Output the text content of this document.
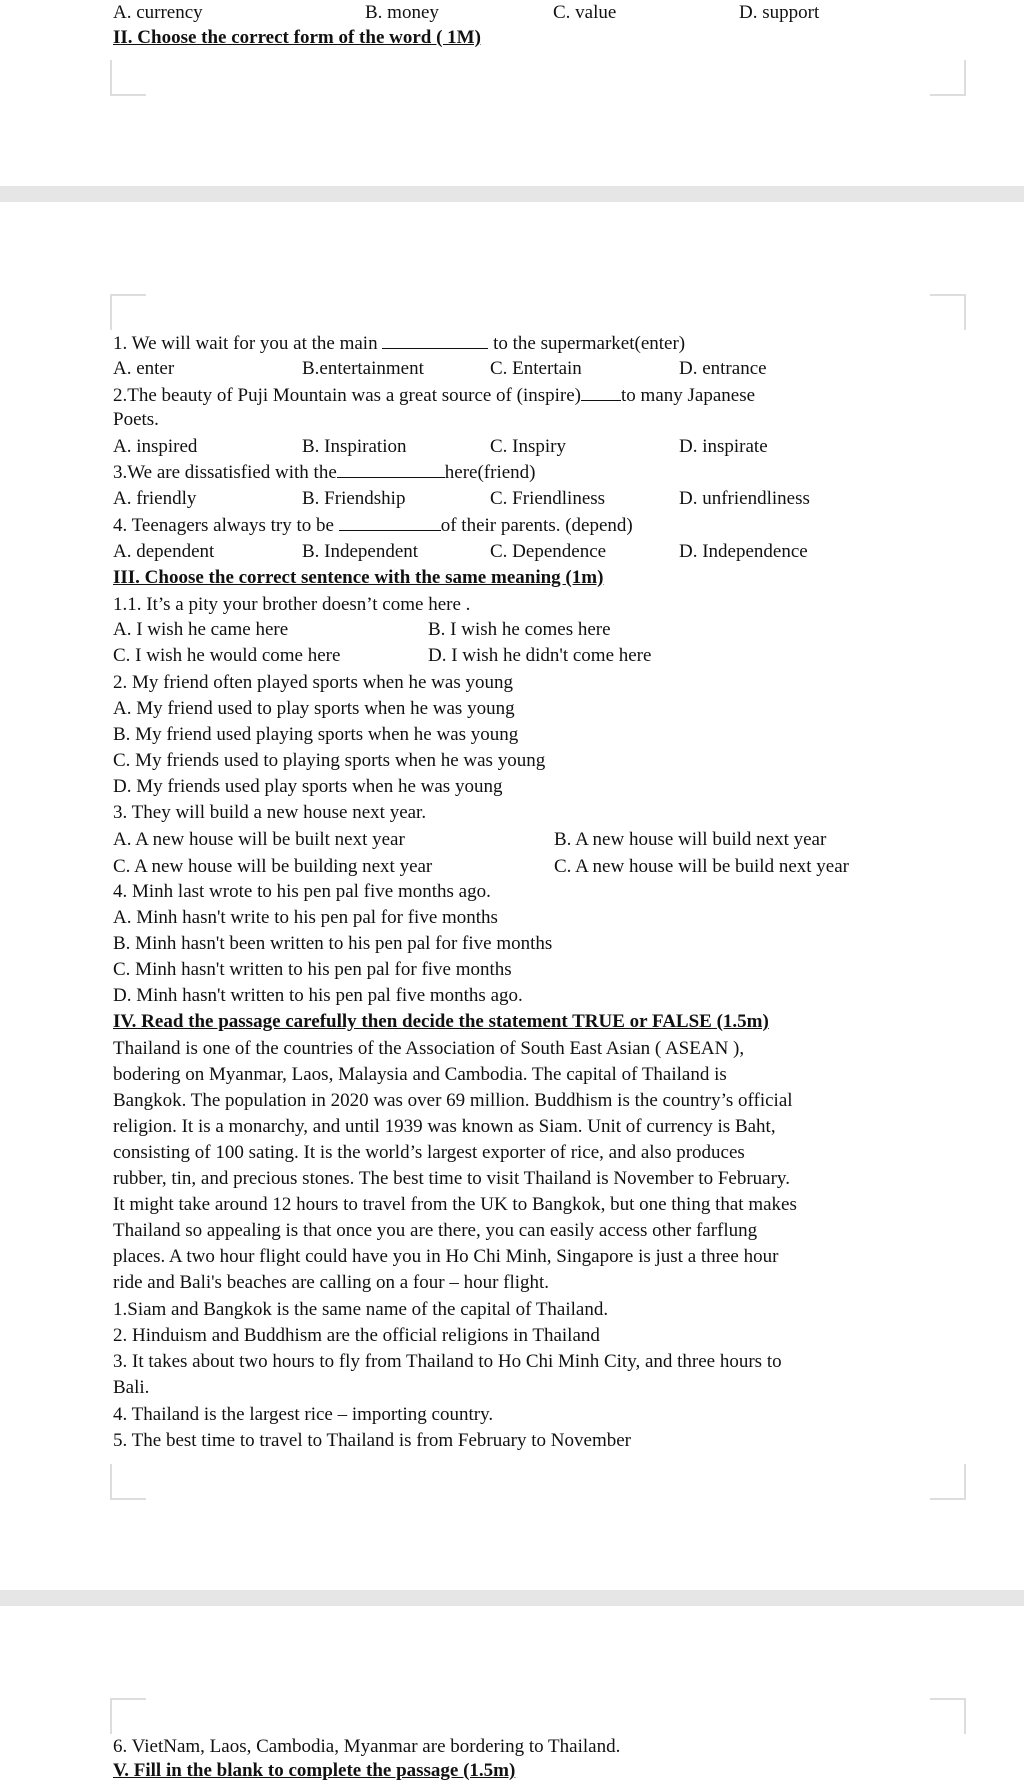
A. currency	B. money	C. value	D. support
II. Choose the correct form of the word ( 1M)
1. We will wait for you at the main	to the supermarket(enter)
A. enter	B.entertainment	C. Entertain	D. entrance
2.The beauty of Puji Mountain was a great source of (inspire) to many Japanese
Poets.
A. inspired	B. Inspiration	C. Inspiry	D. inspirate
3.We are dissatisfied with the	here(friend)
A. friendly	B. Friendship	C. Friendliness	D. unfriendliness
4. Teenagers always try to be	of their parents. (depend)
A. dependent	B. Independent	C. Dependence	D. Independence
III. Choose the correct sentence with the same meaning (1m)
1.1. It’s a pity your brother doesn’t come here .
A. I wish he came here	B. I wish he comes here
C. I wish he would come here	D. I wish he didn't come here
2. My friend often played sports when he was young
A. My friend used to play sports when he was young
B. My friend used playing sports when he was young
C. My friends used to playing sports when he was young
D. My friends used play sports when he was young
3. They will build a new house next year.
A. A new house will be built next year	B. A new house will build next year
C. A new house will be building next year	C. A new house will be build next year
4. Minh last wrote to his pen pal five months ago.
A. Minh hasn't write to his pen pal for five months
B. Minh hasn't been written to his pen pal for five months
C. Minh hasn't written to his pen pal for five months
D. Minh hasn't written to his pen pal five months ago.
IV. Read the passage carefully then decide the statement TRUE or FALSE (1.5m)
Thailand is one of the countries of the Association of South East Asian ( ASEAN ),
bodering on Myanmar, Laos, Malaysia and Cambodia. The capital of Thailand is
Bangkok. The population in 2020 was over 69 million. Buddhism is the country’s official
religion. It is a monarchy, and until 1939 was known as Siam. Unit of currency is Baht,
consisting of 100 sating. It is the world’s largest exporter of rice, and also produces
rubber, tin, and precious stones. The best time to visit Thailand is November to February.
It might take around 12 hours to travel from the UK to Bangkok, but one thing that makes
Thailand so appealing is that once you are there, you can easily access other farflung
places. A two hour flight could have you in Ho Chi Minh, Singapore is just a three hour
ride and Bali's beaches are calling on a four – hour flight.
1.Siam and Bangkok is the same name of the capital of Thailand.
2. Hinduism and Buddhism are the official religions in Thailand
3. It takes about two hours to fly from Thailand to Ho Chi Minh City, and three hours to
Bali.
4. Thailand is the largest rice – importing country.
5. The best time to travel to Thailand is from February to November
6. VietNam, Laos, Cambodia, Myanmar are bordering to Thailand.
V. Fill in the blank to complete the passage (1.5m)
